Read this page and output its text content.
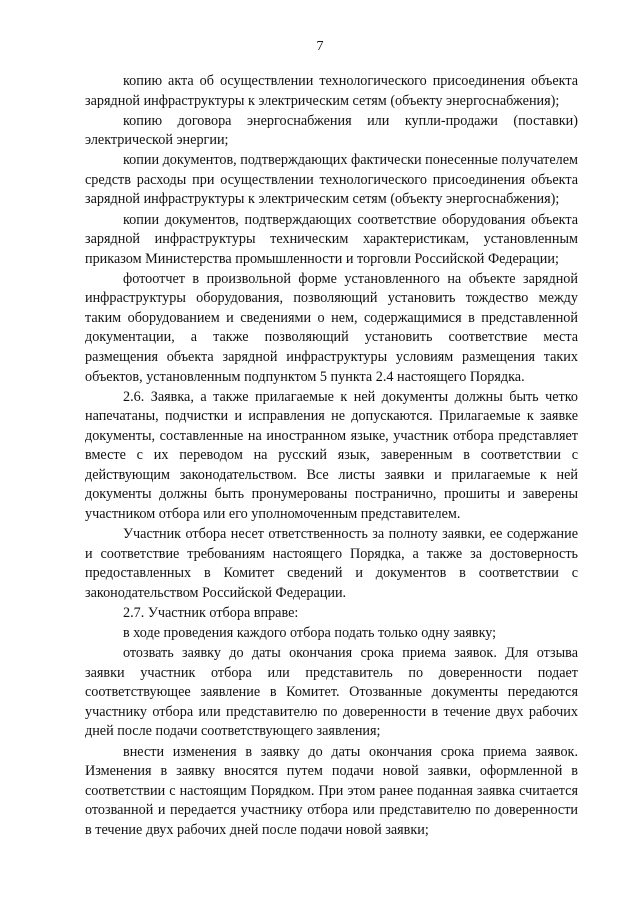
7

копию акта об осуществлении технологического присоединения объекта зарядной инфраструктуры к электрическим сетям (объекту энергоснабжения);

копию договора энергоснабжения или купли-продажи (поставки) электрической энергии;

копии документов, подтверждающих фактически понесенные получателем средств расходы при осуществлении технологического присоединения объекта зарядной инфраструктуры к электрическим сетям (объекту энергоснабжения);

копии документов, подтверждающих соответствие оборудования объекта зарядной инфраструктуры техническим характеристикам, установленным приказом Министерства промышленности и торговли Российской Федерации;

фотоотчет в произвольной форме установленного на объекте зарядной инфраструктуры оборудования, позволяющий установить тождество между таким оборудованием и сведениями о нем, содержащимися в представленной документации, а также позволяющий установить соответствие места размещения объекта зарядной инфраструктуры условиям размещения таких объектов, установленным подпунктом 5 пункта 2.4 настоящего Порядка.

2.6. Заявка, а также прилагаемые к ней документы должны быть четко напечатаны, подчистки и исправления не допускаются. Прилагаемые к заявке документы, составленные на иностранном языке, участник отбора представляет вместе с их переводом на русский язык, заверенным в соответствии с действующим законодательством. Все листы заявки и прилагаемые к ней документы должны быть пронумерованы постранично, прошиты и заверены участником отбора или его уполномоченным представителем.

Участник отбора несет ответственность за полноту заявки, ее содержание и соответствие требованиям настоящего Порядка, а также за достоверность предоставленных в Комитет сведений и документов в соответствии с законодательством Российской Федерации.

2.7. Участник отбора вправе:

в ходе проведения каждого отбора подать только одну заявку;

отозвать заявку до даты окончания срока приема заявок. Для отзыва заявки участник отбора или представитель по доверенности подает соответствующее заявление в Комитет. Отозванные документы передаются участнику отбора или представителю по доверенности в течение двух рабочих дней после подачи соответствующего заявления;

внести изменения в заявку до даты окончания срока приема заявок. Изменения в заявку вносятся путем подачи новой заявки, оформленной в соответствии с настоящим Порядком. При этом ранее поданная заявка считается отозванной и передается участнику отбора или представителю по доверенности в течение двух рабочих дней после подачи новой заявки;
